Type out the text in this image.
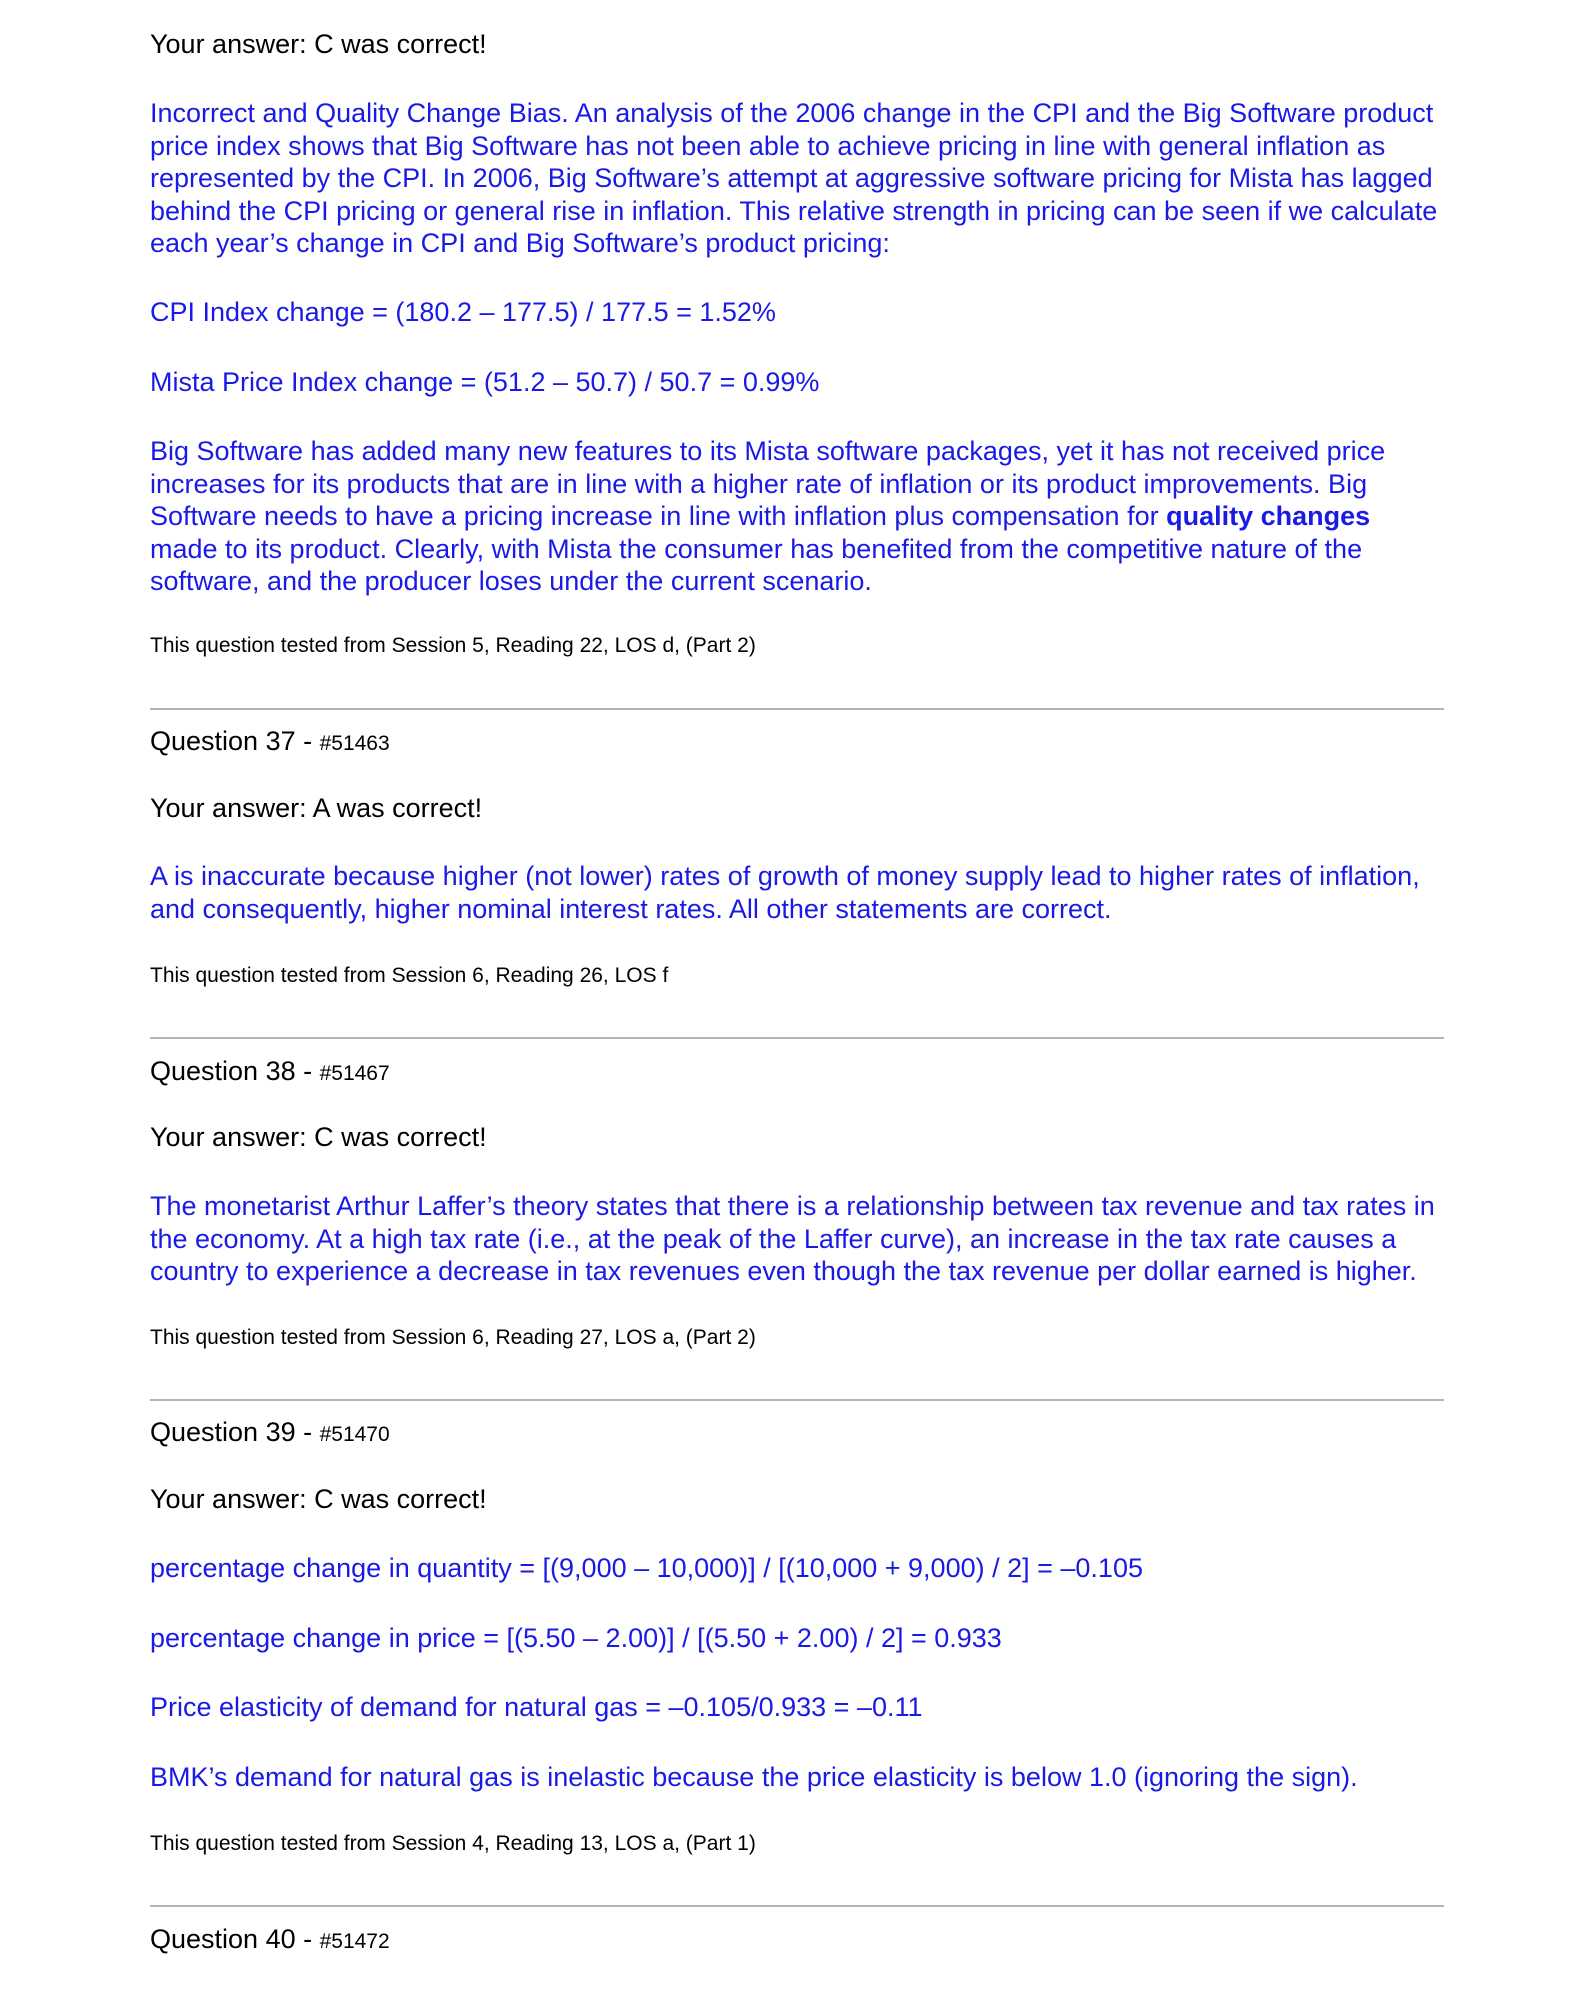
Your answer: C was correct!

Incorrect and Quality Change Bias. An analysis of the 2006 change in the CPI and the Big Software product price index shows that Big Software has not been able to achieve pricing in line with general inflation as represented by the CPI. In 2006, Big Software’s attempt at aggressive software pricing for Mista has lagged behind the CPI pricing or general rise in inflation. This relative strength in pricing can be seen if we calculate each year’s change in CPI and Big Software’s product pricing:

CPI Index change = (180.2 – 177.5) / 177.5 = 1.52%

Mista Price Index change = (51.2 – 50.7) / 50.7 = 0.99%

Big Software has added many new features to its Mista software packages, yet it has not received price increases for its products that are in line with a higher rate of inflation or its product improvements. Big Software needs to have a pricing increase in line with inflation plus compensation for quality changes made to its product. Clearly, with Mista the consumer has benefited from the competitive nature of the software, and the producer loses under the current scenario.

This question tested from Session 5, Reading 22, LOS d, (Part 2)

Question 37 - #51463

Your answer: A was correct!

A is inaccurate because higher (not lower) rates of growth of money supply lead to higher rates of inflation, and consequently, higher nominal interest rates. All other statements are correct.

This question tested from Session 6, Reading 26, LOS f

Question 38 - #51467

Your answer: C was correct!

The monetarist Arthur Laffer’s theory states that there is a relationship between tax revenue and tax rates in the economy. At a high tax rate (i.e., at the peak of the Laffer curve), an increase in the tax rate causes a country to experience a decrease in tax revenues even though the tax revenue per dollar earned is higher.

This question tested from Session 6, Reading 27, LOS a, (Part 2)

Question 39 - #51470

Your answer: C was correct!

percentage change in quantity = [(9,000 – 10,000)] / [(10,000 + 9,000) / 2] = –0.105

percentage change in price = [(5.50 – 2.00)] / [(5.50 + 2.00) / 2] = 0.933

Price elasticity of demand for natural gas = –0.105/0.933 = –0.11

BMK’s demand for natural gas is inelastic because the price elasticity is below 1.0 (ignoring the sign).

This question tested from Session 4, Reading 13, LOS a, (Part 1)

Question 40 - #51472
